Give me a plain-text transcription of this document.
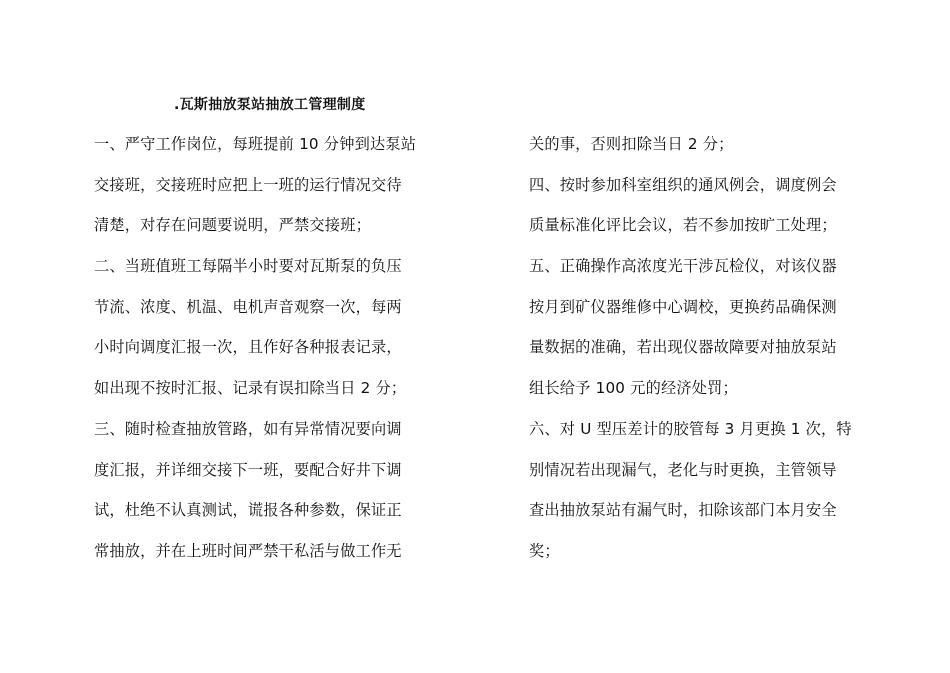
.瓦斯抽放泵站抽放工管理制度
一、严守工作岗位，每班提前 10 分钟到达泵站
交接班，交接班时应把上一班的运行情况交待
清楚，对存在问题要说明，严禁交接班；
二、当班值班工每隔半小时要对瓦斯泵的负压
节流、浓度、机温、电机声音观察一次，每两
小时向调度汇报一次，且作好各种报表记录，
如出现不按时汇报、记录有误扣除当日 2 分；
三、随时检查抽放管路，如有异常情况要向调
度汇报，并详细交接下一班，要配合好井下调
试，杜绝不认真测试，谎报各种参数，保证正
常抽放，并在上班时间严禁干私活与做工作无
关的事，否则扣除当日 2 分；
四、按时参加科室组织的通风例会，调度例会
质量标准化评比会议，若不参加按旷工处理；
五、正确操作高浓度光干涉瓦检仪，对该仪器
按月到矿仪器维修中心调校，更换药品确保测
量数据的准确，若出现仪器故障要对抽放泵站
组长给予 100 元的经济处罚；
六、对 U 型压差计的胶管每 3 月更换 1 次，特
别情况若出现漏气，老化与时更换，主管领导
查出抽放泵站有漏气时，扣除该部门本月安全
奖；
